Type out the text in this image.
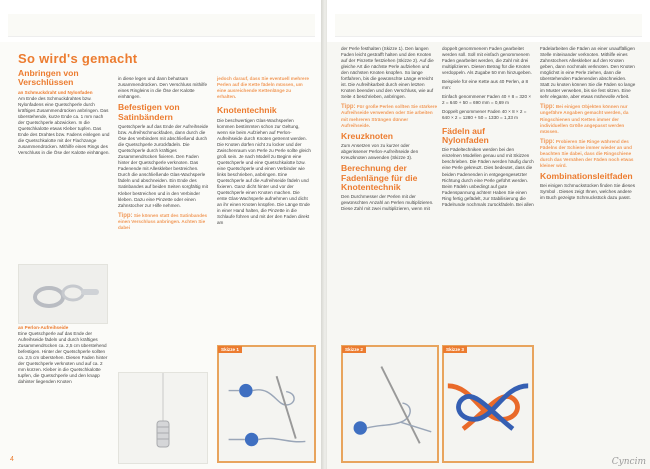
So wird's gemacht
Anbringen von Verschlüssen
an Schmuckdraht und Nylonfaden

Am Ende des Schmuckdrahtes bzw. Nylonfadens eine Quetschperle durch kräftiges Zusammendrücken anbringen. Das überstehende, kurze Ende ca. 1 mm nach der Quetschperle abzwicken. In die Quetschkalotte etwas Kleber tupfen. Das Ende des Drahtes bzw. Fadens einlegen und die Quetschkalotte mit der Flachzange zusammendrücken. Mithilfe eines Rings des Verschluss in die Öse der Kalotte einhängen.

an Perlon-Aufreihseide

Eine Quetschperle auf das Ende der Aufreihseide fädeln und durch kräftiges Zusammendrücken ca. 2,5 cm überstehend befestigen. Hinter der Quetschperle sollten ca. 2,5 cm überstehen. Diesen Faden hinter der Quetschperle verknoten und auf ca. 2 mm kürzen. Kleber in die Quetschkalotte tupfen, die Quetschperle und den knapp dahinter liegenden Knoten

in diese legen und dann behutsam zusammendrücken. Den Verschluss mithilfe eines Ringleins in die Öse der Kalotte einhängen.

Befestigen von Satinbändern

Quetschperle auf das Ende der Aufreihseide bzw. Aufreihschmuckfaden, dann durch die Öse des Verbinders mit abschließend durch die Quetschperle zurückfädeln. Die Quetschperle durch kräftiges Zusammendrücken fixieren. Den Faden hinter der Quetschperle verknoten. Das Fadenende mit Alleskleber bestreichen. Durch die anschließende Glas-Wachsperle fädeln und abschneiden. Ein Ende des Satinbandes auf beiden Seiten sorgfältig mit Kleber bestreichen und in den Verbinder kleben. Dazu eine Pinzette oder einen Zahnstocher zur Hilfe nehmen.

Tipp: Sie können statt des Satinbandes einen Verschluss anbringen. Achten Sie dabei

jedoch darauf, dass Sie eventuell mehrere Perlen auf die Kette fädeln müssen, um eine ausreichende Kettenlänge zu erhalten.

Knotentechnik

Die beschwertigen Glas-Wachsperlen kommen bestimmten schon zur Geltung, wenn sie beim Aufziehen auf Perlon-Aufreihseide durch Knoten getrennt werden. Die Knoten dürfen nicht zu locker und der Zwischenraum von Perle zu Perle sollte gleich groß sein. Je nach Modell zu Beginn eine Quetschperle und eine Quetschkalotte bzw. eine Quetschperle und einen Verbinder wie links beschrieben, anbringen. Eine Quetschperle auf die Aufreihseide fädeln und fixieren. Ganz dicht hinter und vor der Quetschperle einen Knoten machen. Die erste Glas-Wachsperle aufnehmen und dicht an ihr einen Knoten knüpfen. Die Länge Ende in einer Hand halten, die Pinzette in die Schlaufe führen und mit der den Faden direkt am

Skizze 1
4

der Perle festhalten (Skizze 1). Den langen Faden leicht gestrafft halten und den Knoten auf der Pinzette festziehen (Skizze 2). Auf die gleiche Art die nächste Perle aufziehen und den nächsten Knoten knüpfen. So lange fortfahren, bis die gewünschte Länge erreicht ist. Die Aufreihkarbeit durch einen letzten Knoten beenden und den Verschluss, wie auf Seite 4 beschrieben, anbringen.

Tipp: Für große Perlen sollten Sie stärkere Aufreihseide verwenden oder Sie arbeiten mit mehreren Strängen dünner Aufreihseide.

Kreuzknoten

Zum Ansetzen von zu kurzer oder abgerissener Perlon-Aufreihseide den Kreuzknoten anwenden (Skizze 3).

Berechnung der Fadenlänge für die Knotentechnik

Den Durchmesser der Perlen mit der gewünschten Anzahl an Perlen multiplizieren. Diese Zahl mit zwei multiplizieren, wenn mit

doppelt genommenem Faden gearbeitet werden soll. Soll mit einfach genommenem Faden gearbeitet werden, die Zahl mit drei multiplizieren. Diesen Betrag für die Knoten verdoppeln. Als Zugabe 50 mm hinzugeben.

Beispiele für eine Kette aus 40 Perlen, ø 8 mm:

Einfach genommener Faden 40 × 8 = 320 × 2 = 640 + 50 = 690 mm = 0,69 m

Doppelt genommener Faden 40 × 8 × 2 = 640 × 2 = 1280 + 50 = 1330 = 1,33 m

Fädeln auf Nylonfaden

Die Fädeltechniken werden bei den einzelnen Modellen genau und mit Skizzen beschrieben. Die Fäden werden häufig durch eine Perle gekreuzt. Dies bedeutet, dass die beiden Fadenenden in entgegengesetzter Richtung durch eine Perle geführt werden. Beim Fädeln unbedingt auf gute Fadenspannung achten! Haben Sie einen Ring fertig gefädelt, zur Stabilisierung die Fädelrunde nochmals zurückfädeln. Bei allen

Fädelarbeiten die Fäden an einer unauffälligen Stelle miteinander verknoten. Mithilfe eines Zahnstochers Alleskleber auf den Knoten geben, dann nochmals verknoten. Den Knoten möglichst in eine Perle ziehen, dann die überstehenden Fadenenden abschneiden. Statt zu knoten können Sie die Fäden so lange im Muster verweben, bis sie fest sitzen. Eine sehr elegante, aber etwas mühevolle Arbeit.

Tipp: Bei einigen Objekten können nur ungefähre Angaben gemacht werden, da Ringschienen und Ketten immer der individuellen Größe angepasst werden müssen.

Tipp: Probieren Sie Ringe während des Fädelns der Schiene immer wieder an und beachten Sie dabei, dass die Ringschiene durch das Vernähen der Fäden noch etwas kleiner wird.

Kombinationsleitfaden

Bei einigen Schmuckstücken finden Sie dieses Symbol . Dieses zeigt Ihnen, welches andere im Buch gezeigte Schmuckstück dazu passt.

Skizze 2	Skizze 3
Cyncim
